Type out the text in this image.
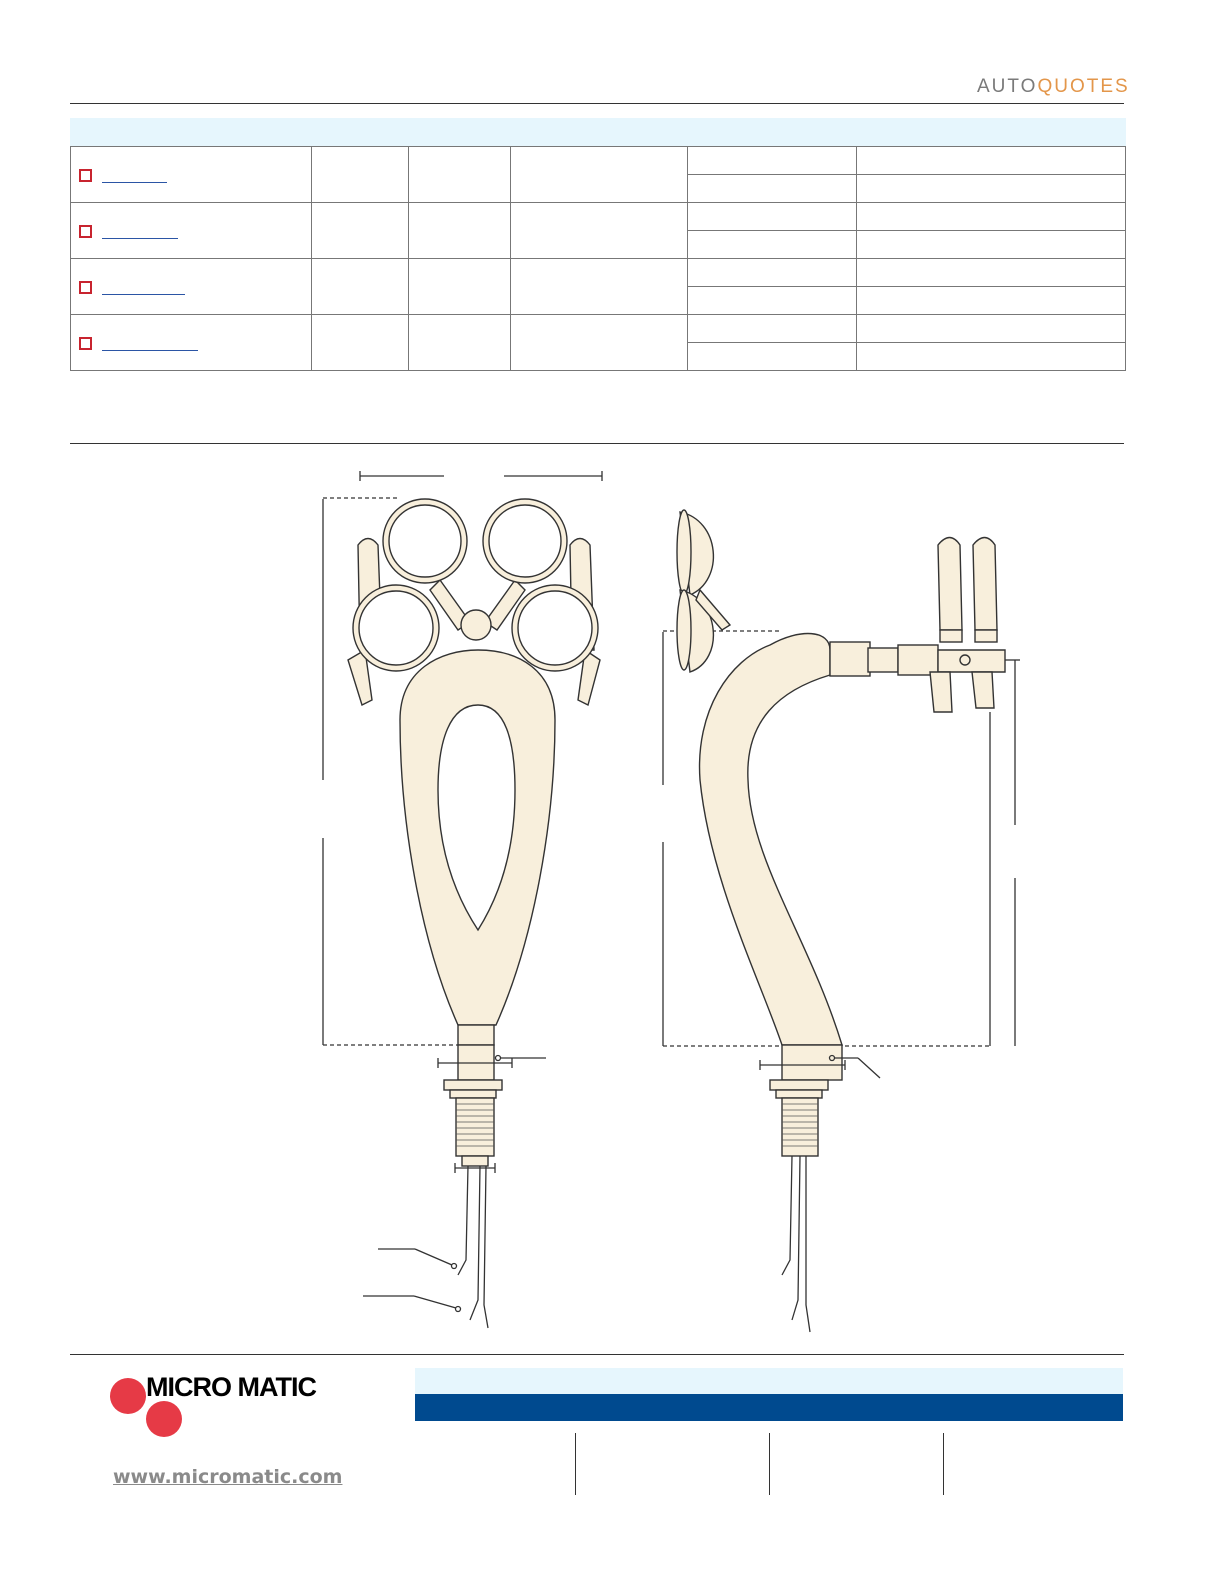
AUTOQUOTES

MICRO MATIC
www.micromatic.com
